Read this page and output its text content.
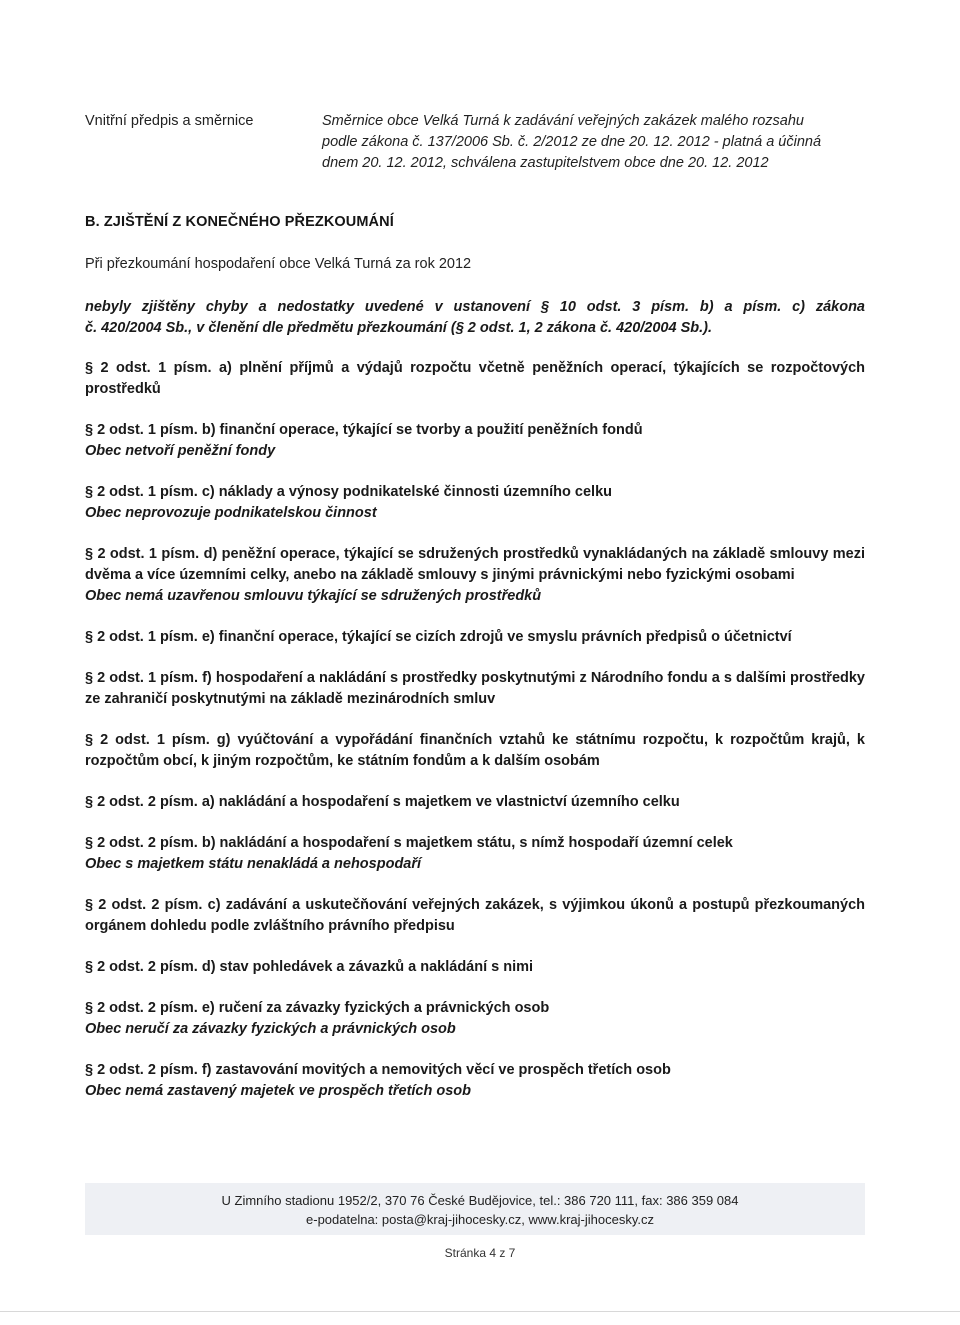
Vnitřní předpis a směrnice	Směrnice obce Velká Turná k zadávání veřejných zakázek malého rozsahu
podle zákona č. 137/2006 Sb. č. 2/2012 ze dne 20. 12. 2012 - platná a účinná
dnem 20. 12. 2012, schválena zastupitelstvem obce dne 20. 12. 2012
B. ZJIŠTĚNÍ Z KONEČNÉHO PŘEZKOUMÁNÍ
Při přezkoumání hospodaření obce Velká Turná za rok 2012
nebyly zjištěny chyby a nedostatky uvedené v ustanovení § 10 odst. 3 písm. b) a písm. c) zákona
č. 420/2004 Sb., v členění dle předmětu přezkoumání (§ 2 odst. 1, 2 zákona č. 420/2004 Sb.).
§ 2 odst. 1 písm. a) plnění příjmů a výdajů rozpočtu včetně peněžních operací, týkajících se rozpočtových prostředků
§ 2 odst. 1 písm. b) finanční operace, týkající se tvorby a použití peněžních fondů
Obec netvoří peněžní fondy
§ 2 odst. 1 písm. c) náklady a výnosy podnikatelské činnosti územního celku
Obec neprovozuje podnikatelskou činnost
§ 2 odst. 1 písm. d) peněžní operace, týkající se sdružených prostředků vynakládaných na základě smlouvy mezi dvěma a více územními celky, anebo na základě smlouvy s jinými právnickými nebo fyzickými osobami
Obec nemá uzavřenou smlouvu týkající se sdružených prostředků
§ 2 odst. 1 písm. e) finanční operace, týkající se cizích zdrojů ve smyslu právních předpisů o účetnictví
§ 2 odst. 1 písm. f) hospodaření a nakládání s prostředky poskytnutými z Národního fondu a s dalšími prostředky ze zahraničí poskytnutými na základě mezinárodních smluv
§ 2 odst. 1 písm. g) vyúčtování a vypořádání finančních vztahů ke státnímu rozpočtu, k rozpočtům krajů, k rozpočtům obcí, k jiným rozpočtům, ke státním fondům a k dalším osobám
§ 2 odst. 2 písm. a) nakládání a hospodaření s majetkem ve vlastnictví územního celku
§ 2 odst. 2 písm. b) nakládání a hospodaření s majetkem státu, s nímž hospodaří územní celek
Obec s majetkem státu nenakládá a nehospodaří
§ 2 odst. 2 písm. c) zadávání a uskutečňování veřejných zakázek, s výjimkou úkonů a postupů přezkoumaných orgánem dohledu podle zvláštního právního předpisu
§ 2 odst. 2 písm. d) stav pohledávek a závazků a nakládání s nimi
§ 2 odst. 2 písm. e) ručení za závazky fyzických a právnických osob
Obec neručí za závazky fyzických a právnických osob
§ 2 odst. 2 písm. f) zastavování movitých a nemovitých věcí ve prospěch třetích osob
Obec nemá zastavený majetek ve prospěch třetích osob
U Zimního stadionu 1952/2, 370 76 České Budějovice, tel.: 386 720 111, fax: 386 359 084
e-podatelna: posta@kraj-jihocesky.cz, www.kraj-jihocesky.cz
Stránka 4 z 7
